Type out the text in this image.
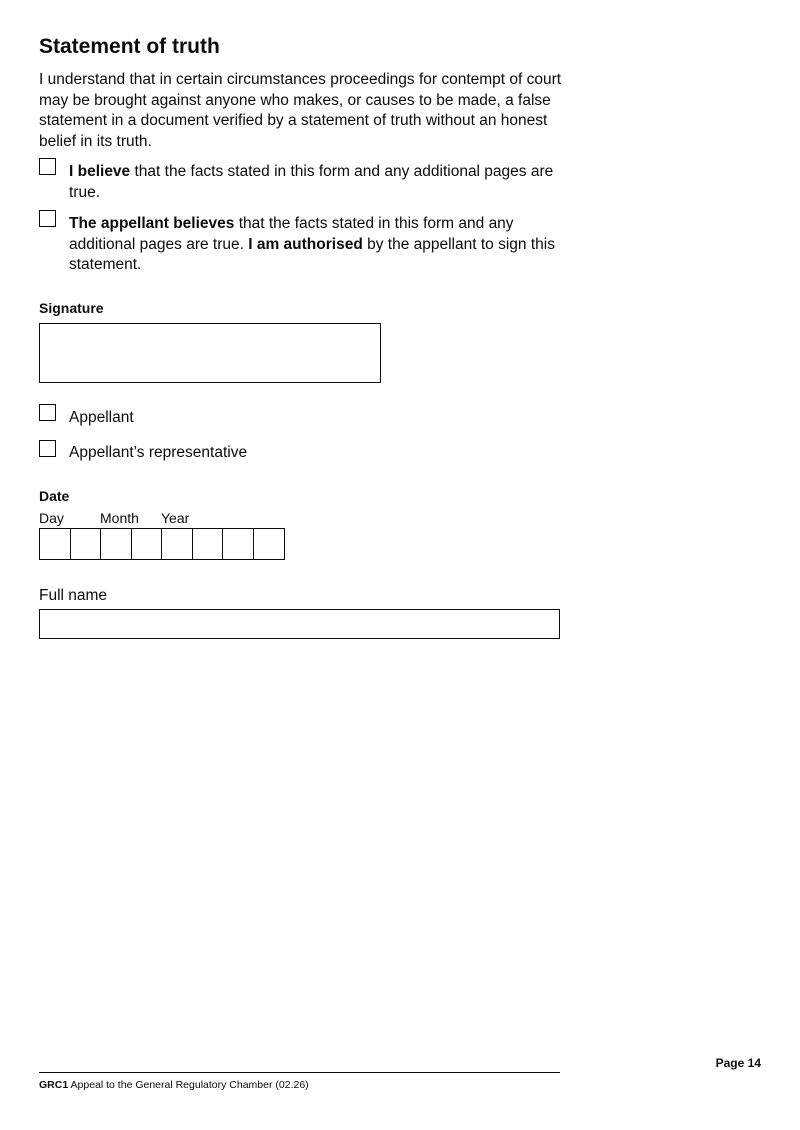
Statement of truth

I understand that in certain circumstances proceedings for contempt of court may be brought against anyone who makes, or causes to be made, a false statement in a document verified by a statement of truth without an honest belief in its truth.

I believe that the facts stated in this form and any additional pages are true.

The appellant believes that the facts stated in this form and any additional pages are true. I am authorised by the appellant to sign this statement.

Signature

Appellant

Appellant’s representative

Date

Day	Month Year

Full name

Page 14

GRC1 Appeal to the General Regulatory Chamber (02.26)
